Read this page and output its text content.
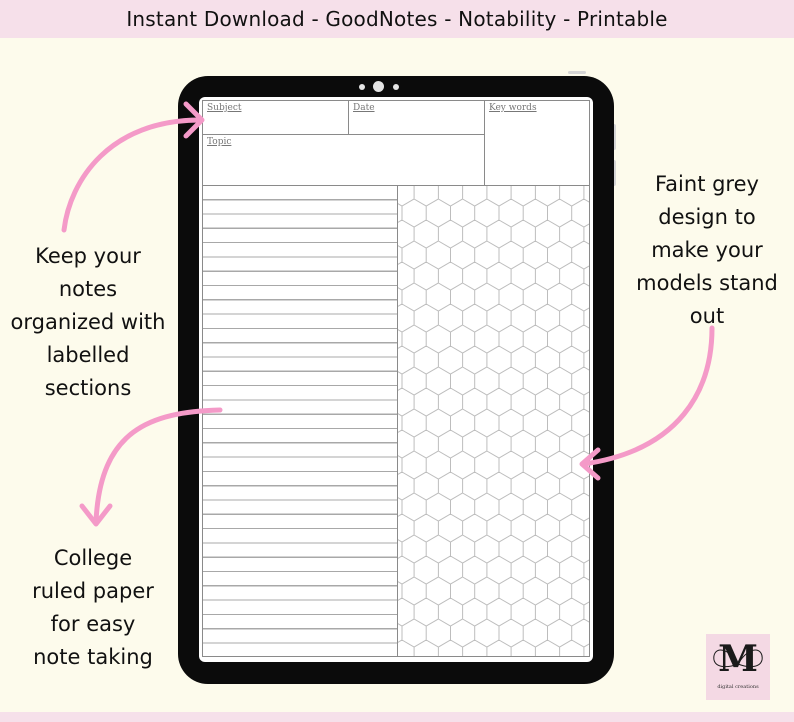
Instant Download - GoodNotes - Notability - Printable
Subject	Date	Key words
Topic
Keep your
notes
organized with
labelled
sections
Faint grey
design to
make your
models stand
out
College
ruled paper
for easy
note taking	M
digital creations
